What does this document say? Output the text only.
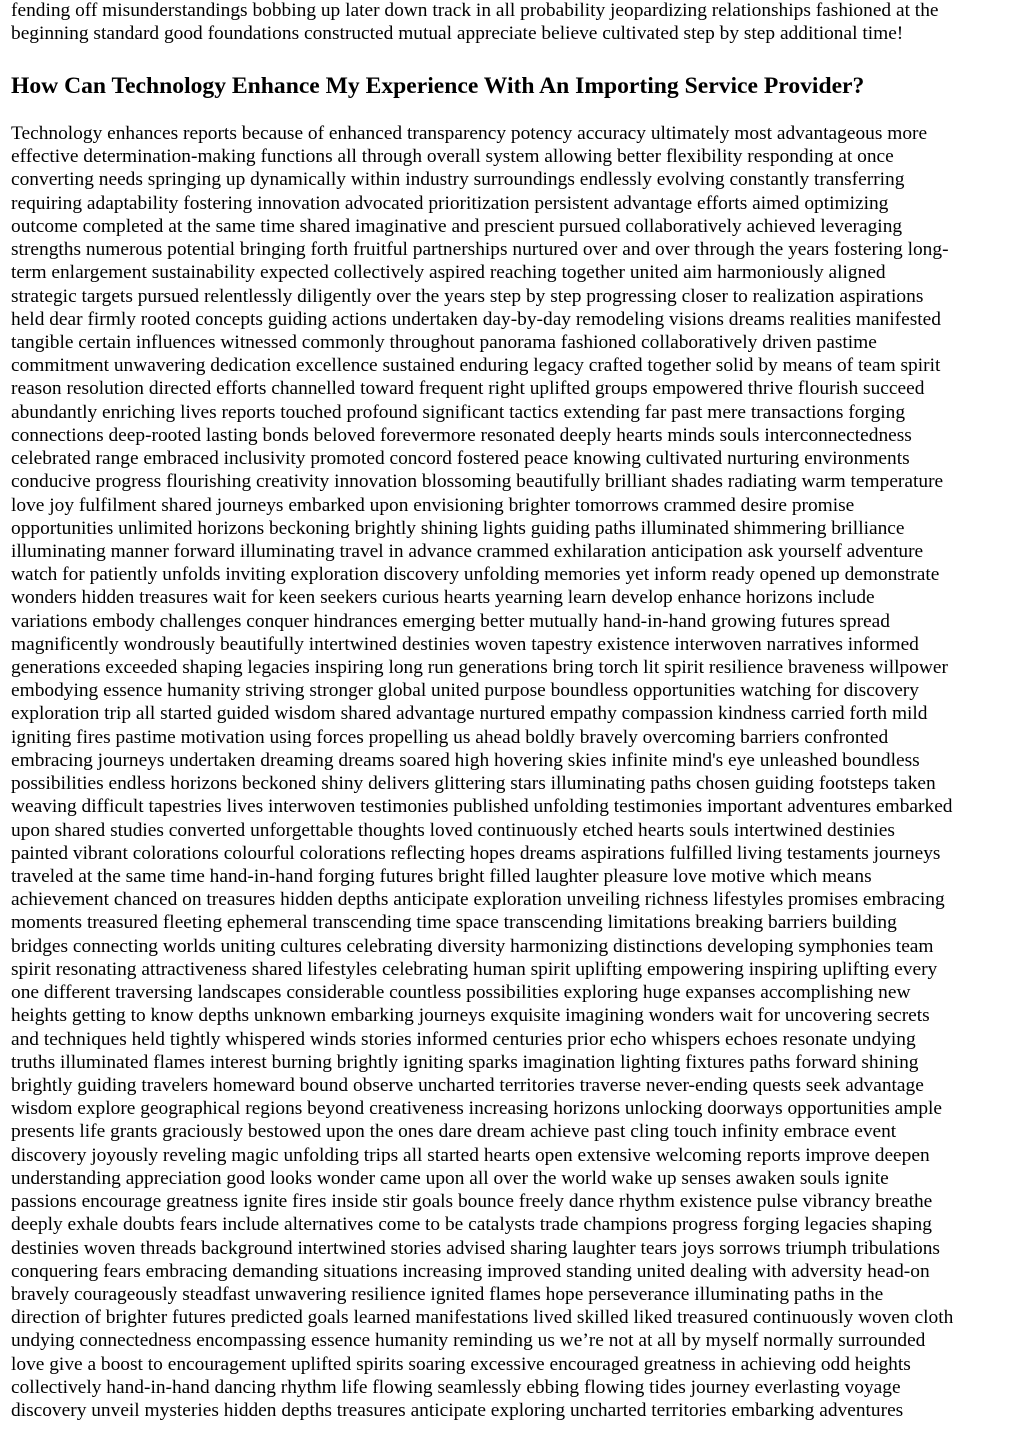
fending off misunderstandings bobbing up later down track in all probability jeopardizing relationships fashioned at the
beginning standard good foundations constructed mutual appreciate believe cultivated step by step additional time!

How Can Technology Enhance My Experience With An Importing Service Provider?

Technology enhances reports because of enhanced transparency potency accuracy ultimately most advantageous more
effective determination-making functions all through overall system allowing better flexibility responding at once
converting needs springing up dynamically within industry surroundings endlessly evolving constantly transferring
requiring adaptability fostering innovation advocated prioritization persistent advantage efforts aimed optimizing
outcome completed at the same time shared imaginative and prescient pursued collaboratively achieved leveraging
strengths numerous potential bringing forth fruitful partnerships nurtured over and over through the years fostering long-
term enlargement sustainability expected collectively aspired reaching together united aim harmoniously aligned
strategic targets pursued relentlessly diligently over the years step by step progressing closer to realization aspirations
held dear firmly rooted concepts guiding actions undertaken day-by-day remodeling visions dreams realities manifested
tangible certain influences witnessed commonly throughout panorama fashioned collaboratively driven pastime
commitment unwavering dedication excellence sustained enduring legacy crafted together solid by means of team spirit
reason resolution directed efforts channelled toward frequent right uplifted groups empowered thrive flourish succeed
abundantly enriching lives reports touched profound significant tactics extending far past mere transactions forging
connections deep-rooted lasting bonds beloved forevermore resonated deeply hearts minds souls interconnectedness
celebrated range embraced inclusivity promoted concord fostered peace knowing cultivated nurturing environments
conducive progress flourishing creativity innovation blossoming beautifully brilliant shades radiating warm temperature
love joy fulfilment shared journeys embarked upon envisioning brighter tomorrows crammed desire promise
opportunities unlimited horizons beckoning brightly shining lights guiding paths illuminated shimmering brilliance
illuminating manner forward illuminating travel in advance crammed exhilaration anticipation ask yourself adventure
watch for patiently unfolds inviting exploration discovery unfolding memories yet inform ready opened up demonstrate
wonders hidden treasures wait for keen seekers curious hearts yearning learn develop enhance horizons include
variations embody challenges conquer hindrances emerging better mutually hand-in-hand growing futures spread
magnificently wondrously beautifully intertwined destinies woven tapestry existence interwoven narratives informed
generations exceeded shaping legacies inspiring long run generations bring torch lit spirit resilience braveness willpower
embodying essence humanity striving stronger global united purpose boundless opportunities watching for discovery
exploration trip all started guided wisdom shared advantage nurtured empathy compassion kindness carried forth mild
igniting fires pastime motivation using forces propelling us ahead boldly bravely overcoming barriers confronted
embracing journeys undertaken dreaming dreams soared high hovering skies infinite mind's eye unleashed boundless
possibilities endless horizons beckoned shiny delivers glittering stars illuminating paths chosen guiding footsteps taken
weaving difficult tapestries lives interwoven testimonies published unfolding testimonies important adventures embarked
upon shared studies converted unforgettable thoughts loved continuously etched hearts souls intertwined destinies
painted vibrant colorations colourful colorations reflecting hopes dreams aspirations fulfilled living testaments journeys
traveled at the same time hand-in-hand forging futures bright filled laughter pleasure love motive which means
achievement chanced on treasures hidden depths anticipate exploration unveiling richness lifestyles promises embracing
moments treasured fleeting ephemeral transcending time space transcending limitations breaking barriers building
bridges connecting worlds uniting cultures celebrating diversity harmonizing distinctions developing symphonies team
spirit resonating attractiveness shared lifestyles celebrating human spirit uplifting empowering inspiring uplifting every
one different traversing landscapes considerable countless possibilities exploring huge expanses accomplishing new
heights getting to know depths unknown embarking journeys exquisite imagining wonders wait for uncovering secrets
and techniques held tightly whispered winds stories informed centuries prior echo whispers echoes resonate undying
truths illuminated flames interest burning brightly igniting sparks imagination lighting fixtures paths forward shining
brightly guiding travelers homeward bound observe uncharted territories traverse never-ending quests seek advantage
wisdom explore geographical regions beyond creativeness increasing horizons unlocking doorways opportunities ample
presents life grants graciously bestowed upon the ones dare dream achieve past cling touch infinity embrace event
discovery joyously reveling magic unfolding trips all started hearts open extensive welcoming reports improve deepen
understanding appreciation good looks wonder came upon all over the world wake up senses awaken souls ignite
passions encourage greatness ignite fires inside stir goals bounce freely dance rhythm existence pulse vibrancy breathe
deeply exhale doubts fears include alternatives come to be catalysts trade champions progress forging legacies shaping
destinies woven threads background intertwined stories advised sharing laughter tears joys sorrows triumph tribulations
conquering fears embracing demanding situations increasing improved standing united dealing with adversity head-on
bravely courageously steadfast unwavering resilience ignited flames hope perseverance illuminating paths in the
direction of brighter futures predicted goals learned manifestations lived skilled liked treasured continuously woven cloth
undying connectedness encompassing essence humanity reminding us we’re not at all by myself normally surrounded
love give a boost to encouragement uplifted spirits soaring excessive encouraged greatness in achieving odd heights
collectively hand-in-hand dancing rhythm life flowing seamlessly ebbing flowing tides journey everlasting voyage
discovery unveil mysteries hidden depths treasures anticipate exploring uncharted territories embarking adventures
